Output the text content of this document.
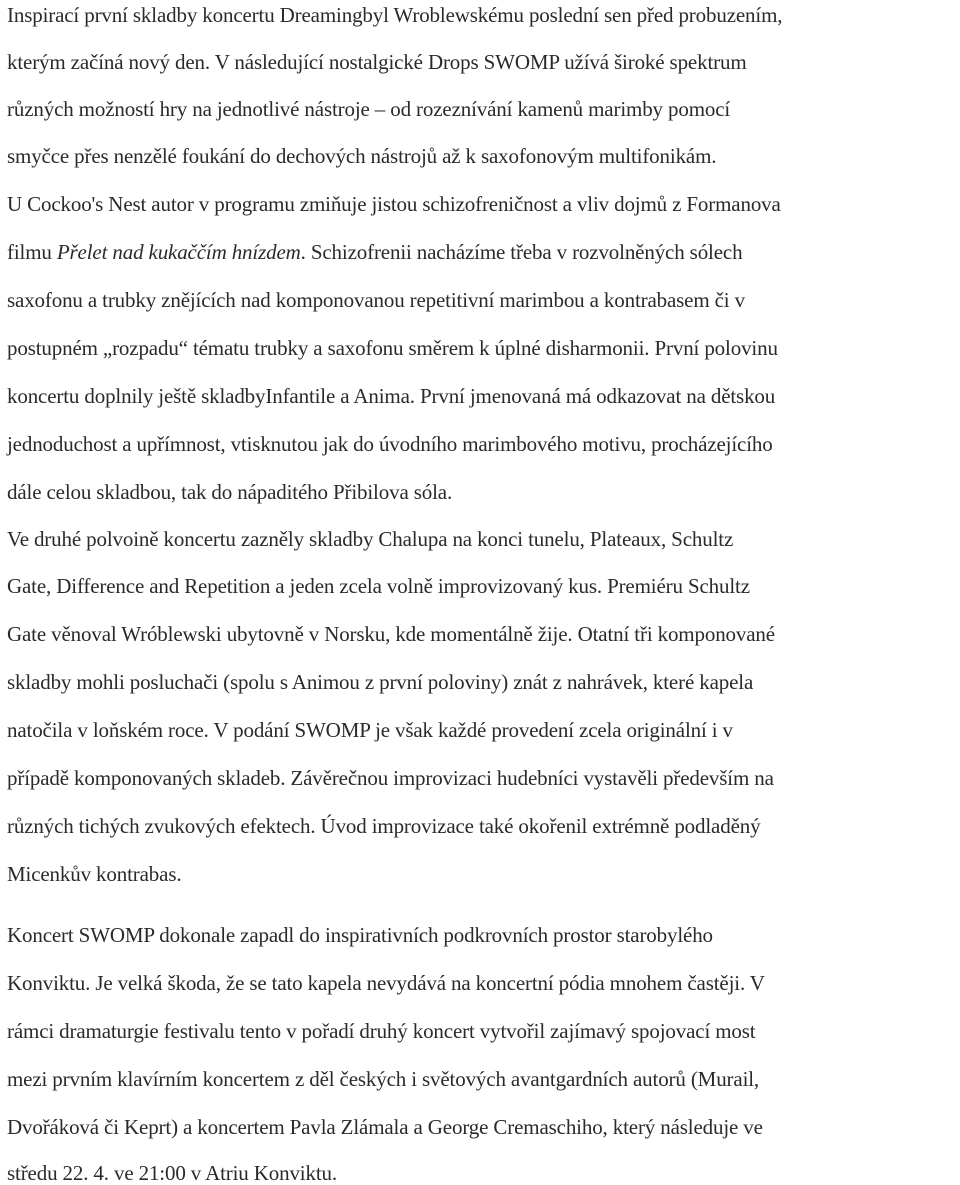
Inspirací první skladby koncertu Dreamingbyl Wroblewskému poslední sen před probuzením,
kterým začíná nový den. V následující nostalgické Drops SWOMP užívá široké spektrum
různých možností hry na jednotlivé nástroje – od rozeznívání kamenů marimby pomocí
smyčce přes nenzělé foukání do dechových nástrojů až k saxofonovým multifonikám.
U Cockoo's Nest autor v programu zmiňuje jistou schizofreničnost a vliv dojmů z Formanova
filmu Přelet nad kukaččím hnízdem. Schizofrenii nacházíme třeba v rozvolněných sólech
saxofonu a trubky znějících nad komponovanou repetitivní marimbou a kontrabasem či v
postupném „rozpadu“ tématu trubky a saxofonu směrem k úplné disharmonii. První polovinu
koncertu doplnily ještě skladbyInfantile a Anima. První jmenovaná má odkazovat na dětskou
jednoduchost a upřímnost, vtisknutou jak do úvodního marimbového motivu, procházejícího
dále celou skladbou, tak do nápaditého Přibilova sóla.
Ve druhé polvoině koncertu zazněly skladby Chalupa na konci tunelu, Plateaux, Schultz
Gate, Difference and Repetition a jeden zcela volně improvizovaný kus. Premiéru Schultz
Gate věnoval Wróblewski ubytovně v Norsku, kde momentálně žije. Otatní tři komponované
skladby mohli posluchači (spolu s Animou z první poloviny) znát z nahrávek, které kapela
natočila v loňském roce. V podání SWOMP je však každé provedení zcela originální i v
případě komponovaných skladeb. Závěrečnou improvizaci hudebníci vystavěli především na
různých tichých zvukových efektech. Úvod improvizace také okořenil extrémně podladěný
Micenkův kontrabas.
Koncert SWOMP dokonale zapadl do inspirativních podkrovních prostor starobylého
Konviktu. Je velká škoda, že se tato kapela nevydává na koncertní pódia mnohem častěji. V
rámci dramaturgie festivalu tento v pořadí druhý koncert vytvořil zajímavý spojovací most
mezi prvním klavírním koncertem z děl českých i světových avantgardních autorů (Murail,
Dvořáková či Keprt) a koncertem Pavla Zlámala a George Cremaschiho, který následuje ve
středu 22. 4. ve 21:00 v Atriu Konviktu.
